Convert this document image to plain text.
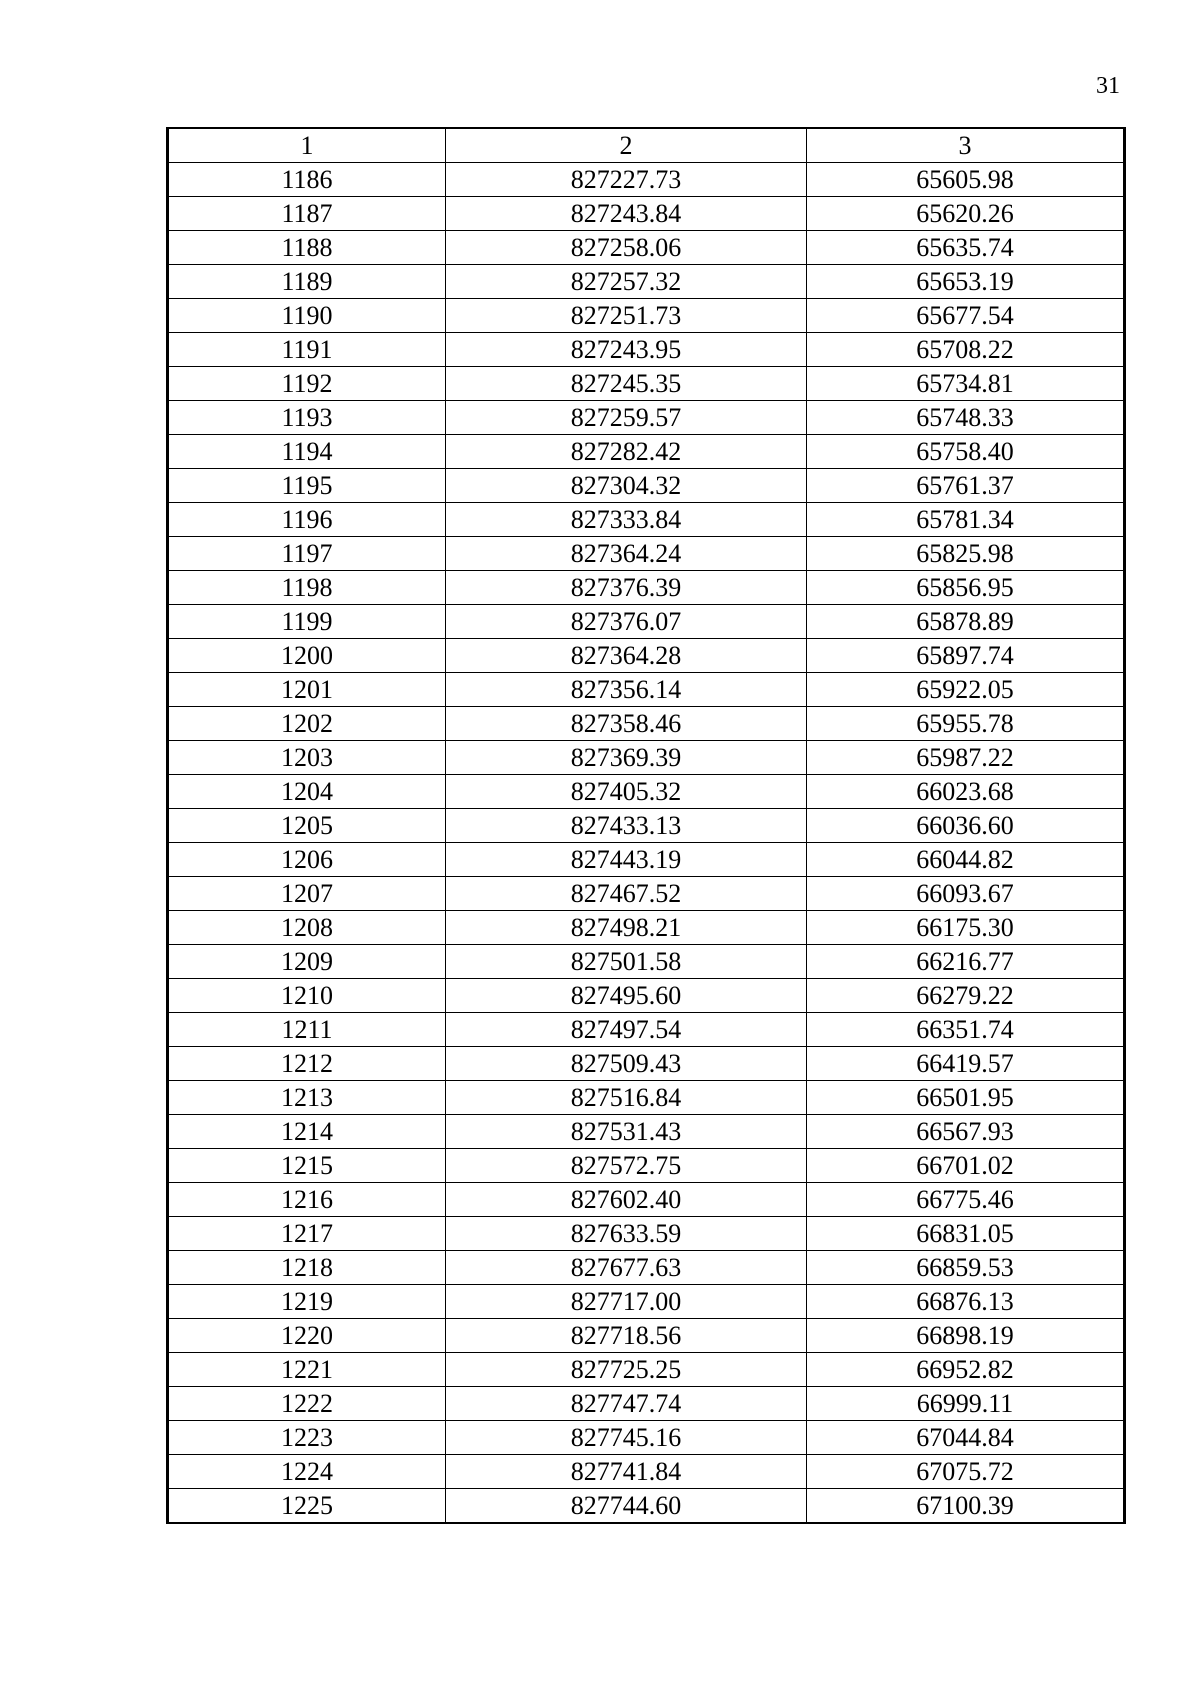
31
1	2	3
1186	827227.73	65605.98
1187	827243.84	65620.26
1188	827258.06	65635.74
1189	827257.32	65653.19
1190	827251.73	65677.54
1191	827243.95	65708.22
1192	827245.35	65734.81
1193	827259.57	65748.33
1194	827282.42	65758.40
1195	827304.32	65761.37
1196	827333.84	65781.34
1197	827364.24	65825.98
1198	827376.39	65856.95
1199	827376.07	65878.89
1200	827364.28	65897.74
1201	827356.14	65922.05
1202	827358.46	65955.78
1203	827369.39	65987.22
1204	827405.32	66023.68
1205	827433.13	66036.60
1206	827443.19	66044.82
1207	827467.52	66093.67
1208	827498.21	66175.30
1209	827501.58	66216.77
1210	827495.60	66279.22
1211	827497.54	66351.74
1212	827509.43	66419.57
1213	827516.84	66501.95
1214	827531.43	66567.93
1215	827572.75	66701.02
1216	827602.40	66775.46
1217	827633.59	66831.05
1218	827677.63	66859.53
1219	827717.00	66876.13
1220	827718.56	66898.19
1221	827725.25	66952.82
1222	827747.74	66999.11
1223	827745.16	67044.84
1224	827741.84	67075.72
1225	827744.60	67100.39
